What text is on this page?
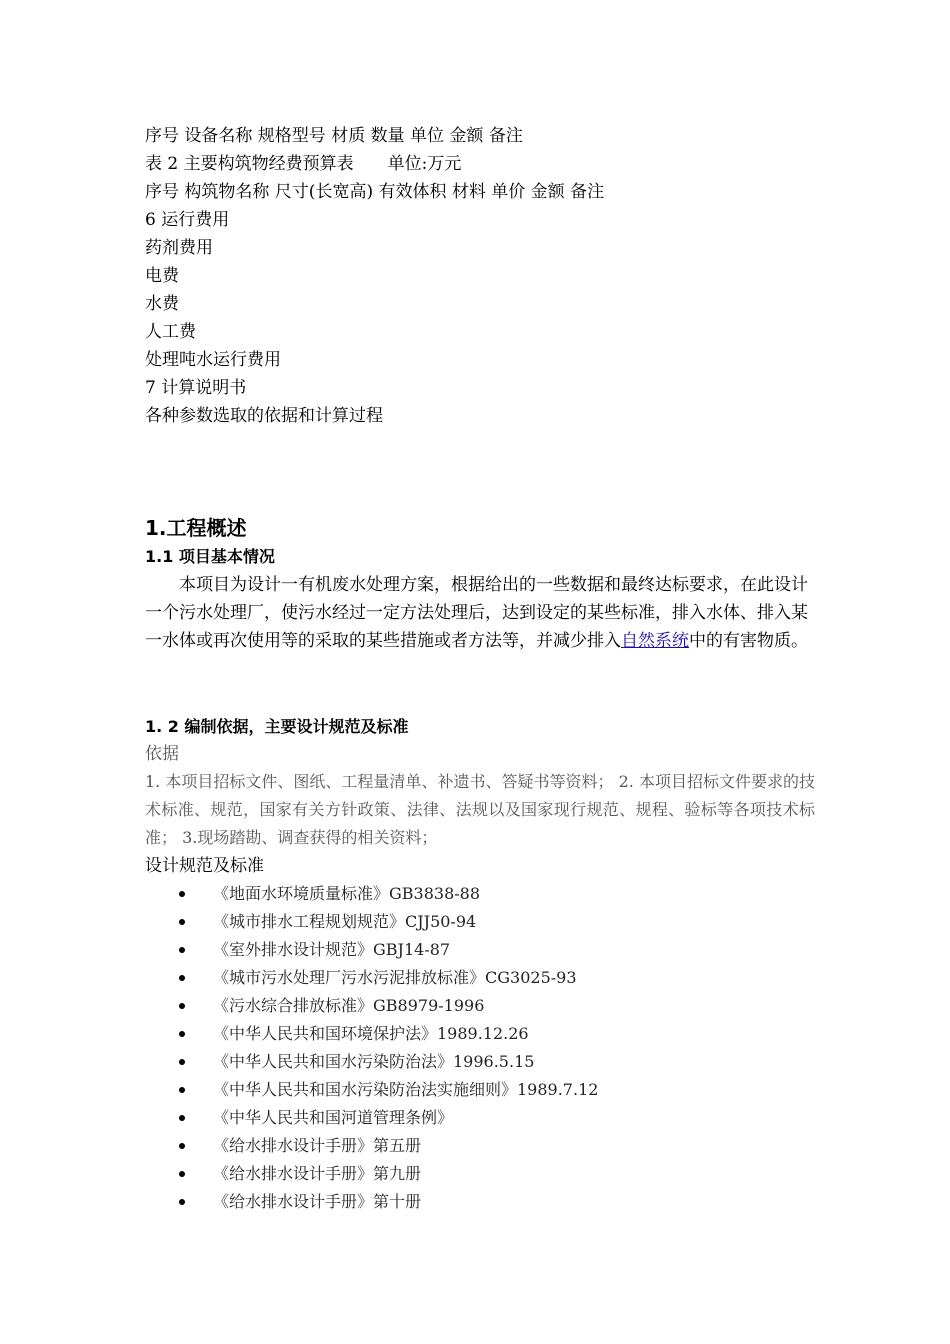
序号 设备名称 规格型号 材质 数量 单位 金额 备注
表 2 主要构筑物经费预算表　　单位:万元
序号 构筑物名称 尺寸(长宽高) 有效体积 材料 单价 金额 备注
6 运行费用
药剂费用
电费
水费
人工费
处理吨水运行费用
7 计算说明书
各种参数选取的依据和计算过程
1.工程概述
1.1 项目基本情况
本项目为设计一有机废水处理方案，根据给出的一些数据和最终达标要求，在此设计一个污水处理厂，使污水经过一定方法处理后，达到设定的某些标准，排入水体、排入某一水体或再次使用等的采取的某些措施或者方法等，并减少排入自然系统中的有害物质。
1. 2 编制依据，主要设计规范及标准
依据
1. 本项目招标文件、图纸、工程量清单、补遗书、答疑书等资料； 2. 本项目招标文件要求的技术标准、规范，国家有关方针政策、法律、法规以及国家现行规范、规程、验标等各项技术标准； 3.现场踏勘、调查获得的相关资料；
设计规范及标准
《地面水环境质量标准》GB3838-88
《城市排水工程规划规范》CJJ50-94
《室外排水设计规范》GBJ14-87
《城市污水处理厂污水污泥排放标准》CG3025-93
《污水综合排放标准》GB8979-1996
《中华人民共和国环境保护法》1989.12.26
《中华人民共和国水污染防治法》1996.5.15
《中华人民共和国水污染防治法实施细则》1989.7.12
《中华人民共和国河道管理条例》
《给水排水设计手册》第五册
《给水排水设计手册》第九册
《给水排水设计手册》第十册
